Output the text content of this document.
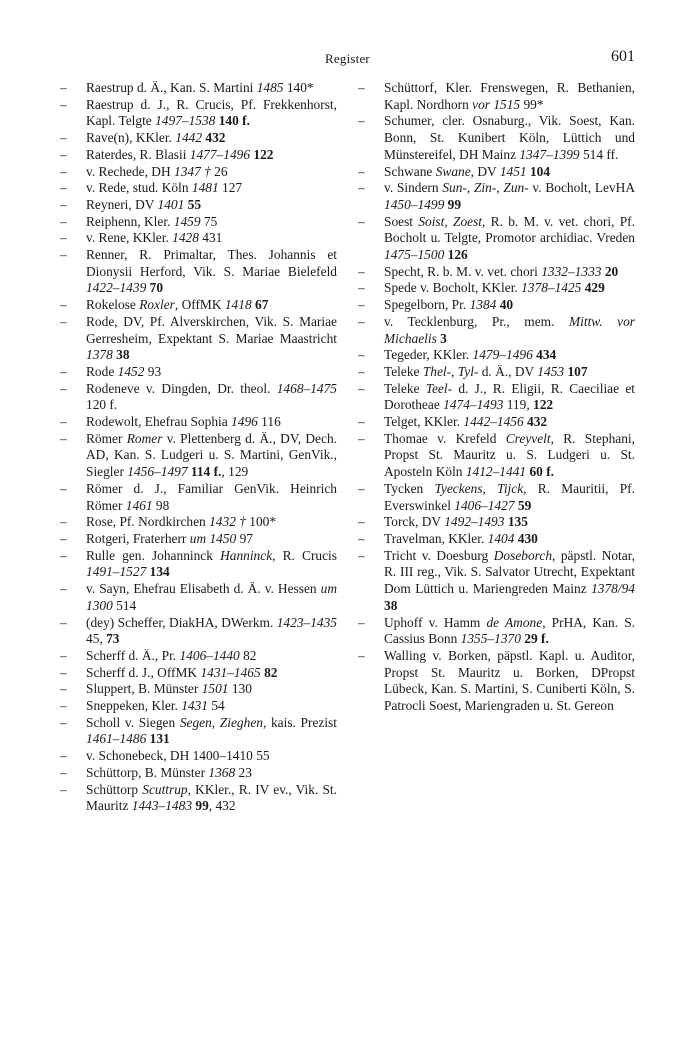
Register	601
– Raestrup d. Ä., Kan. S. Martini 1485 140*
– Raestrup d. J., R. Crucis, Pf. Frekkenhorst, Kapl. Telgte 1497–1538 140 f.
– Rave(n), KKler. 1442 432
– Raterdes, R. Blasii 1477–1496 122
– v. Rechede, DH 1347 † 26
– v. Rede, stud. Köln 1481 127
– Reyneri, DV 1401 55
– Reiphenn, Kler. 1459 75
– v. Rene, KKler. 1428 431
– Renner, R. Primaltar, Thes. Johannis et Dionysii Herford, Vik. S. Mariae Bielefeld 1422–1439 70
– Rokelose Roxler, OffMK 1418 67
– Rode, DV, Pf. Alverskirchen, Vik. S. Mariae Gerresheim, Expektant S. Mariae Maastricht 1378 38
– Rode 1452 93
– Rodeneve v. Dingden, Dr. theol. 1468–1475 120 f.
– Rodewolt, Ehefrau Sophia 1496 116
– Römer Romer v. Plettenberg d. Ä., DV, Dech. AD, Kan. S. Ludgeri u. S. Martini, GenVik., Siegler 1456–1497 114 f., 129
– Römer d. J., Familiar GenVik. Heinrich Römer 1461 98
– Rose, Pf. Nordkirchen 1432 † 100*
– Rotgeri, Fraterherr um 1450 97
– Rulle gen. Johanninck Hanninck, R. Crucis 1491–1527 134
– v. Sayn, Ehefrau Elisabeth d. Ä. v. Hessen um 1300 514
– (dey) Scheffer, DiakHA, DWerkm. 1423–1435 45, 73
– Scherff d. Ä., Pr. 1406–1440 82
– Scherff d. J., OffMK 1431–1465 82
– Sluppert, B. Münster 1501 130
– Sneppeken, Kler. 1431 54
– Scholl v. Siegen Segen, Zieghen, kais. Prezist 1461–1486 131
– v. Schonebeck, DH 1400–1410 55
– Schüttorp, B. Münster 1368 23
– Schüttorp Scuttrup, KKler., R. IV ev., Vik. St. Mauritz 1443–1483 99, 432
– Schüttorf, Kler. Frenswegen, R. Bethanien, Kapl. Nordhorn vor 1515 99*
– Schumer, cler. Osnaburg., Vik. Soest, Kan. Bonn, St. Kunibert Köln, Lüttich und Münstereifel, DH Mainz 1347–1399 514 ff.
– Schwane Swane, DV 1451 104
– v. Sindern Sun-, Zin-, Zun- v. Bocholt, LevHA 1450–1499 99
– Soest Soist, Zoest, R. b. M. v. vet. chori, Pf. Bocholt u. Telgte, Promotor archidiac. Vreden 1475–1500 126
– Specht, R. b. M. v. vet. chori 1332–1333 20
– Spede v. Bocholt, KKler. 1378–1425 429
– Spegelborn, Pr. 1384 40
– v. Tecklenburg, Pr., mem. Mittw. vor Michaelis 3
– Tegeder, KKler. 1479–1496 434
– Teleke Thel-, Tyl- d. Ä., DV 1453 107
– Teleke Teel- d. J., R. Eligii, R. Caeciliae et Dorotheae 1474–1493 119, 122
– Telget, KKler. 1442–1456 432
– Thomae v. Krefeld Creyvelt, R. Stephani, Propst St. Mauritz u. S. Ludgeri u. St. Aposteln Köln 1412–1441 60 f.
– Tycken Tyeckens, Tijck, R. Mauritii, Pf. Everswinkel 1406–1427 59
– Torck, DV 1492–1493 135
– Travelman, KKler. 1404 430
– Tricht v. Doesburg Doseborch, päpstl. Notar, R. III reg., Vik. S. Salvator Utrecht, Expektant Dom Lüttich u. Mariengreden Mainz 1378/94 38
– Uphoff v. Hamm de Amone, PrHA, Kan. S. Cassius Bonn 1355–1370 29 f.
– Walling v. Borken, päpstl. Kapl. u. Auditor, Propst St. Mauritz u. Borken, DPropst Lübeck, Kan. S. Martini, S. Cuniberti Köln, S. Patrocli Soest, Mariengraden u. St. Gereon
